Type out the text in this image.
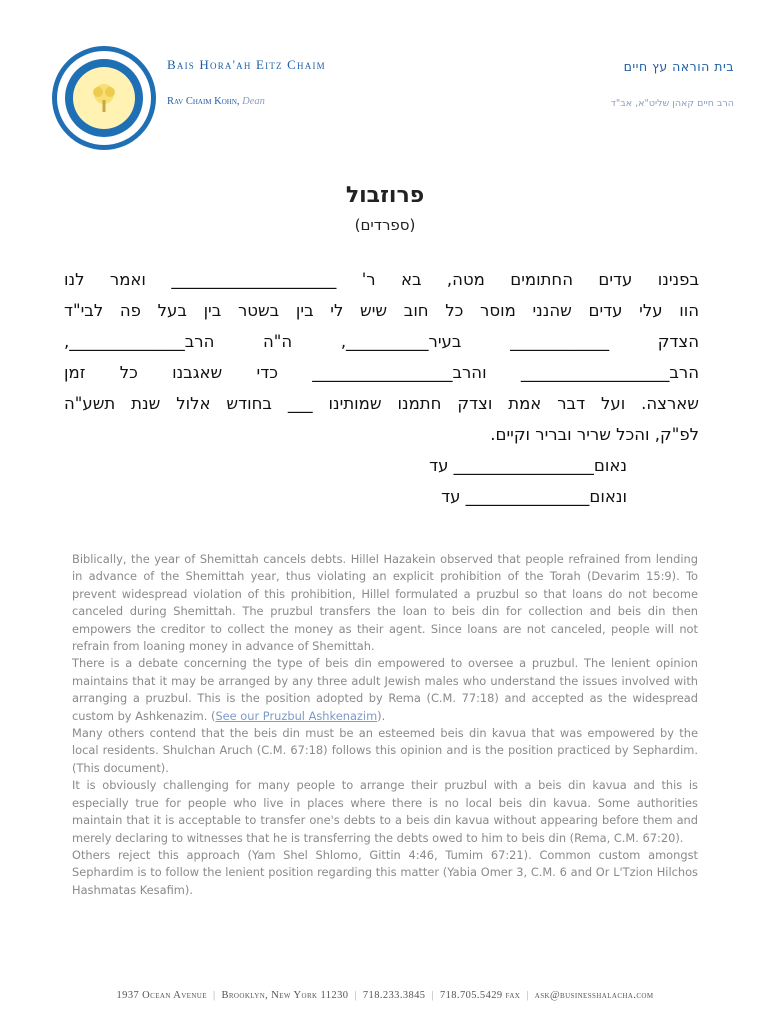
Bais Hora'ah Eitz Chaim
Rav Chaim Kohn, Dean
בית הוראה עץ חיים
הרב חיים קאהן שליט"א, אב"ד
פרוזבול
(ספרדים)
בפנינו עדים החתומים מטה, בא ר' ____________________ ואמר לנו
הוו עלי עדים שהנני מוסר כל חוב שיש לי בין בשטר בין בעל פה לבי"ד
הצדק ____________ בעיר__________, ה"ה הרב______________,
הרב__________________ והרב_________________ כדי שאגבנו כל זמן
שארצה. ועל דבר אמת וצדק חתמנו שמותינו ___ בחודש אלול שנת תשע"ה
לפ"ק, והכל שריר ובריר וקיים.
נאום_________________ עד
ונאום_______________ עד

Biblically, the year of Shemittah cancels debts. Hillel Hazakein observed that people refrained from lending in advance of the Shemittah year, thus violating an explicit prohibition of the Torah (Devarim 15:9). To prevent widespread violation of this prohibition, Hillel formulated a pruzbul so that loans do not become canceled during Shemittah. The pruzbul transfers the loan to beis din for collection and beis din then empowers the creditor to collect the money as their agent. Since loans are not canceled, people will not refrain from loaning money in advance of Shemittah.

There is a debate concerning the type of beis din empowered to oversee a pruzbul. The lenient opinion maintains that it may be arranged by any three adult Jewish males who understand the issues involved with arranging a pruzbul. This is the position adopted by Rema (C.M. 77:18) and accepted as the widespread custom by Ashkenazim. (See our Pruzbul Ashkenazim).

Many others contend that the beis din must be an esteemed beis din kavua that was empowered by the local residents. Shulchan Aruch (C.M. 67:18) follows this opinion and is the position practiced by Sephardim. (This document).

It is obviously challenging for many people to arrange their pruzbul with a beis din kavua and this is especially true for people who live in places where there is no local beis din kavua. Some authorities maintain that it is acceptable to transfer one's debts to a beis din kavua without appearing before them and merely declaring to witnesses that he is transferring the debts owed to him to beis din (Rema, C.M. 67:20).

Others reject this approach (Yam Shel Shlomo, Gittin 4:46, Tumim 67:21). Common custom amongst Sephardim is to follow the lenient position regarding this matter (Yabia Omer 3, C.M. 6 and Or L'Tzion Hilchos Hashmatas Kesafim).

1937 Ocean Avenue | Brooklyn, New York 11230 | 718.233.3845 | 718.705.5429 fax | ask@businesshalacha.com
